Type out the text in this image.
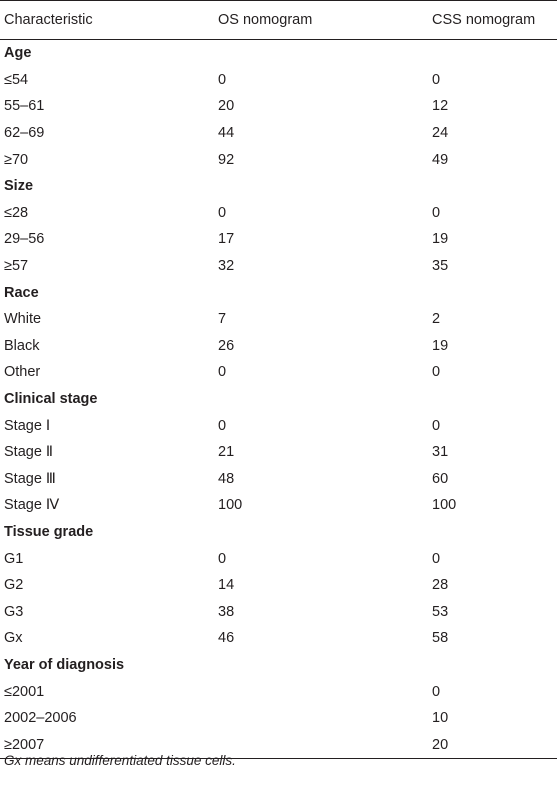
Characteristic	OS nomogram	CSS nomogram
Age		
≤54	0	0
55–61	20	12
62–69	44	24
≥70	92	49
Size		
≤28	0	0
29–56	17	19
≥57	32	35
Race		
White	7	2
Black	26	19
Other	0	0
Clinical stage		
Stage Ⅰ	0	0
Stage Ⅱ	21	31
Stage Ⅲ	48	60
Stage Ⅳ	100	100
Tissue grade		
G1	0	0
G2	14	28
G3	38	53
Gx	46	58
Year of diagnosis		
≤2001		0
2002–2006		10
≥2007		20
Gx means undifferentiated tissue cells.
